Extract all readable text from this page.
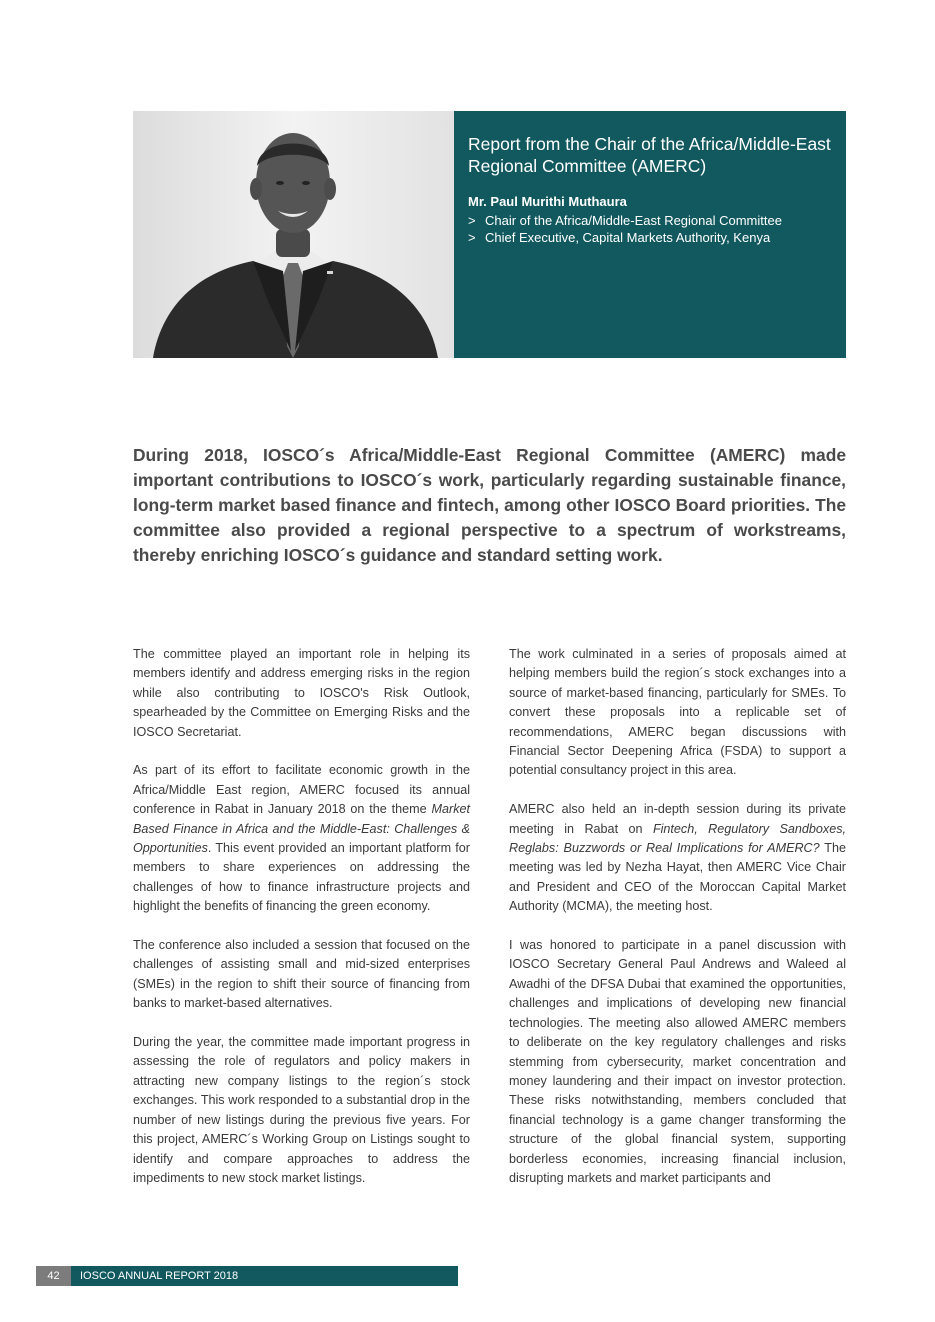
Report from the Chair of the Africa/Middle-East Regional Committee (AMERC)

Mr. Paul Murithi Muthaura

> Chair of the Africa/Middle-East Regional Committee

> Chief Executive, Capital Markets Authority, Kenya

During 2018, IOSCO´s Africa/Middle-East Regional Committee (AMERC) made important contributions to IOSCO´s work, particularly regarding sustainable finance, long-term market based finance and fintech, among other IOSCO Board priorities. The committee also provided a regional perspective to a spectrum of workstreams, thereby enriching IOSCO´s guidance and standard setting work.

The committee played an important role in helping its members identify and address emerging risks in the region while also contributing to IOSCO's Risk Outlook, spearheaded by the Committee on Emerging Risks and the IOSCO Secretariat.

As part of its effort to facilitate economic growth in the Africa/Middle East region, AMERC focused its annual conference in Rabat in January 2018 on the theme Market Based Finance in Africa and the Middle-East: Challenges & Opportunities. This event provided an important platform for members to share experiences on addressing the challenges of how to finance infrastructure projects and highlight the benefits of financing the green economy.

The conference also included a session that focused on the challenges of assisting small and mid-sized enterprises (SMEs) in the region to shift their source of financing from banks to market-based alternatives.

During the year, the committee made important progress in assessing the role of regulators and policy makers in attracting new company listings to the region´s stock exchanges. This work responded to a substantial drop in the number of new listings during the previous five years. For this project, AMERC´s Working Group on Listings sought to identify and compare approaches to address the impediments to new stock market listings.

The work culminated in a series of proposals aimed at helping members build the region´s stock exchanges into a source of market-based financing, particularly for SMEs. To convert these proposals into a replicable set of recommendations, AMERC began discussions with Financial Sector Deepening Africa (FSDA) to support a potential consultancy project in this area.

AMERC also held an in-depth session during its private meeting in Rabat on Fintech, Regulatory Sandboxes, Reglabs: Buzzwords or Real Implications for AMERC? The meeting was led by Nezha Hayat, then AMERC Vice Chair and President and CEO of the Moroccan Capital Market Authority (MCMA), the meeting host.

I was honored to participate in a panel discussion with IOSCO Secretary General Paul Andrews and Waleed al Awadhi of the DFSA Dubai that examined the opportunities, challenges and implications of developing new financial technologies. The meeting also allowed AMERC members to deliberate on the key regulatory challenges and risks stemming from cybersecurity, market concentration and money laundering and their impact on investor protection. These risks notwithstanding, members concluded that financial technology is a game changer transforming the structure of the global financial system, supporting borderless economies, increasing financial inclusion, disrupting markets and market participants and

42	IOSCO ANNUAL REPORT 2018
